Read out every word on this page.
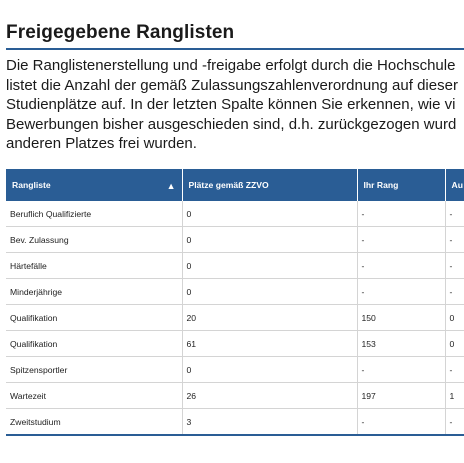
Freigegebene Ranglisten
Die Ranglistenerstellung und -freigabe erfolgt durch die Hochschule
listet die Anzahl der gemäß Zulassungszahlenverordnung auf dieser
Studienplätze auf. In der letzten Spalte können Sie erkennen, wie vi
Bewerbungen bisher ausgeschieden sind, d.h. zurückgezogen wurd
anderen Platzes frei wurden.
Rangliste ▲	Plätze gemäß ZZVO	Ihr Rang	Au
Beruflich Qualifizierte	0	-	-
Bev. Zulassung	0	-	-
Härtefälle	0	-	-
Minderjährige	0	-	-
Qualifikation	20	150	0
Qualifikation	61	153	0
Spitzensportler	0	-	-
Wartezeit	26	197	1
Zweitstudium	3	-	-
